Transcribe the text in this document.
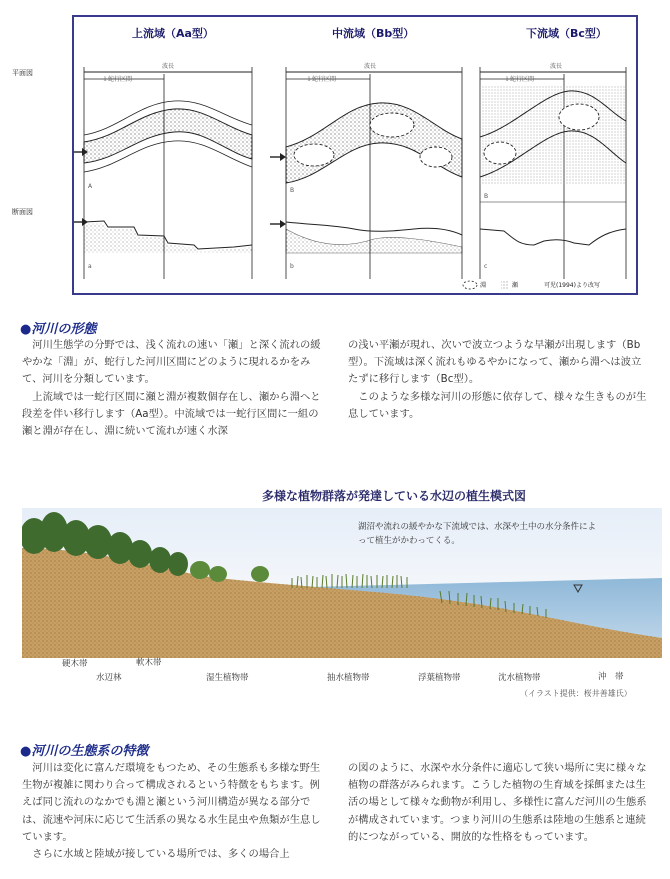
上流域（Aa型）	中流域（Bb型）	下流域（Bc型）
平面図
断面図
波長
１蛇行区間
波長
１蛇行区間
波長
１蛇行区間
A
a
B
b
B
c
淵	瀬	可児(1994)より改写
●河川の形態

河川生態学の分野では、浅く流れの速い「瀬」と深く流れの緩やかな「淵」が、蛇行した河川区間にどのように現れるかをみて、河川を分類しています。

上流域では一蛇行区間に瀬と淵が複数個存在し、瀬から淵へと段差を伴い移行します（Aa型）。中流域では一蛇行区間に一組の瀬と淵が存在し、淵に続いて流れが速く水深

の浅い平瀬が現れ、次いで波立つような早瀬が出現します（Bb型）。下流域は深く流れもゆるやかになって、瀬から淵へは波立たずに移行します（Bc型）。

このような多様な河川の形態に依存して、様々な生きものが生息しています。

多様な植物群落が発達している水辺の植生模式図
湖沼や流れの緩やかな下流域では、水深や土中の水分条件によって植生がかわってくる。
硬木帯	軟木帯
水辺林	湿生植物帯	抽水植物帯	浮葉植物帯	沈水植物帯	沖　帯
（イラスト提供：桜井善雄氏）
●河川の生態系の特徴

河川は変化に富んだ環境をもつため、その生態系も多様な野生生物が複雑に関わり合って構成されるという特徴をもちます。例えば同じ流れのなかでも淵と瀬という河川構造が異なる部分では、流速や河床に応じて生活系の異なる水生昆虫や魚類が生息しています。

さらに水域と陸域が接している場所では、多くの場合上

の図のように、水深や水分条件に適応して狭い場所に実に様々な植物の群落がみられます。こうした植物の生育域を採餌または生活の場として様々な動物が利用し、多様性に富んだ河川の生態系が構成されています。つまり河川の生態系は陸地の生態系と連続的につながっている、開放的な性格をもっています。
